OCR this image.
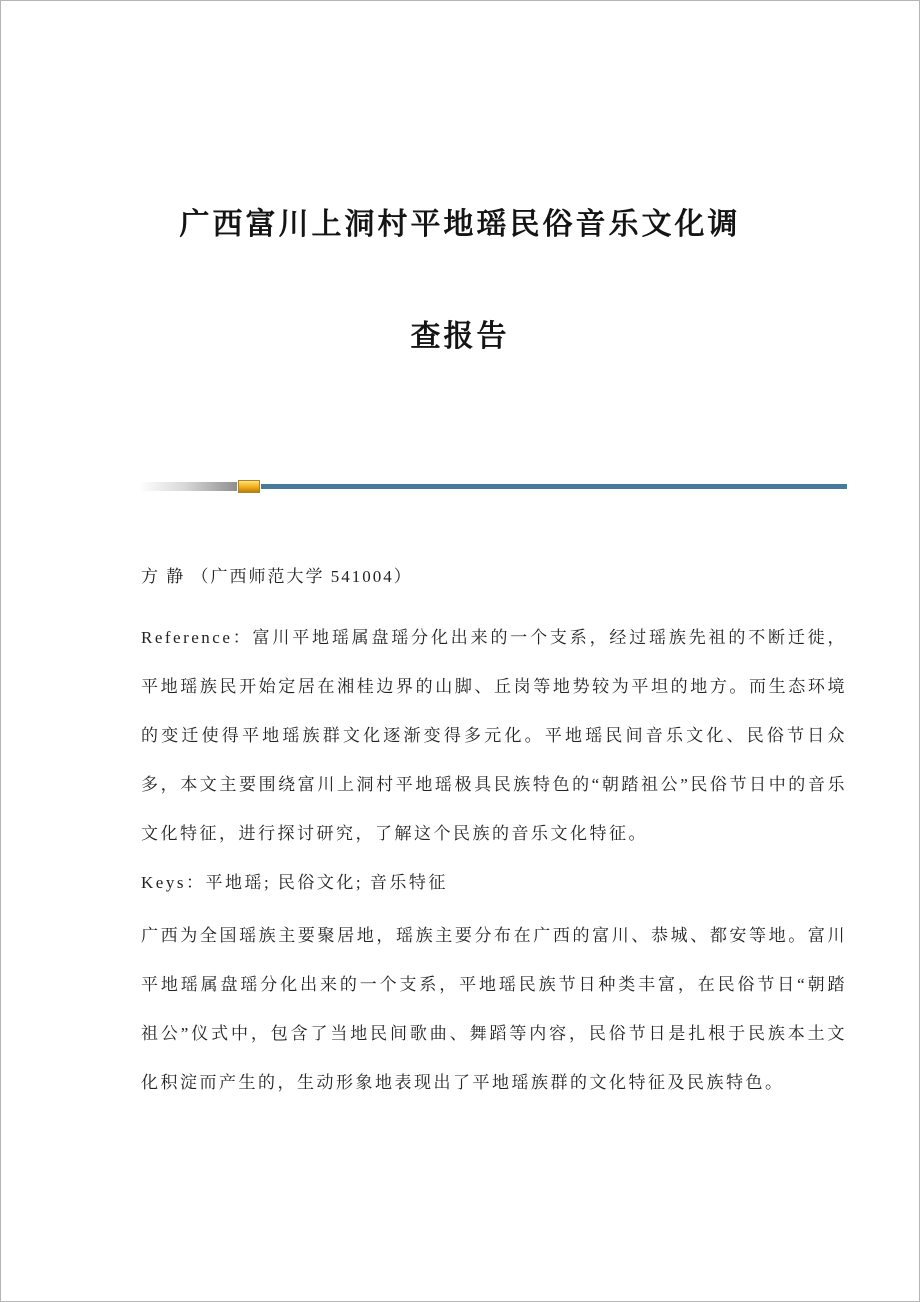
广西富川上洞村平地瑶民俗音乐文化调
查报告

方 静 （广西师范大学 541004）

Reference：富川平地瑶属盘瑶分化出来的一个支系，经过瑶族先祖的不断迁徙，平地瑶族民开始定居在湘桂边界的山脚、丘岗等地势较为平坦的地方。而生态环境的变迁使得平地瑶族群文化逐渐变得多元化。平地瑶民间音乐文化、民俗节日众多，本文主要围绕富川上洞村平地瑶极具民族特色的“朝踏祖公”民俗节日中的音乐文化特征，进行探讨研究，了解这个民族的音乐文化特征。

Keys：平地瑶; 民俗文化; 音乐特征

广西为全国瑶族主要聚居地，瑶族主要分布在广西的富川、恭城、都安等地。富川平地瑶属盘瑶分化出来的一个支系，平地瑶民族节日种类丰富，在民俗节日“朝踏祖公”仪式中，包含了当地民间歌曲、舞蹈等内容，民俗节日是扎根于民族本土文化积淀而产生的，生动形象地表现出了平地瑶族群的文化特征及民族特色。
